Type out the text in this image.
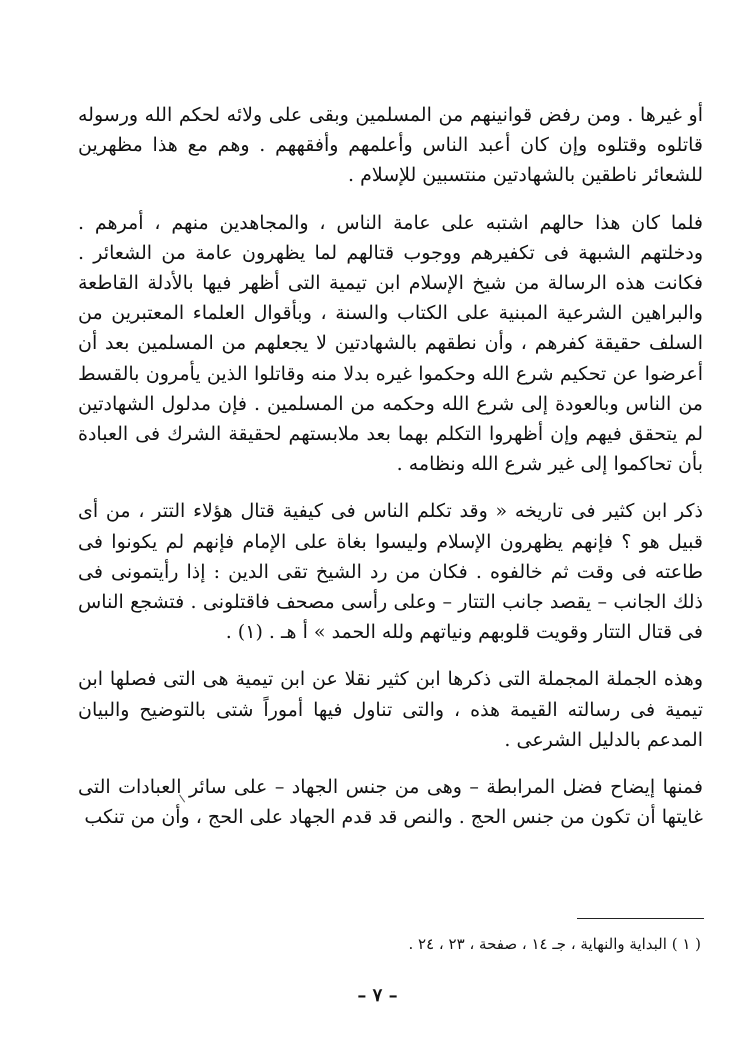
أو غيرها . ومن رفض قوانينهم من المسلمين وبقى على ولائه لحكم الله ورسوله قاتلوه وقتلوه وإن كان أعبد الناس وأعلمهم وأفقههم . وهم مع هذا مظهرين للشعائر ناطقين بالشهادتين منتسبين للإسلام .

فلما كان هذا حالهم اشتبه على عامة الناس ، والمجاهدين منهم ، أمرهم . ودخلتهم الشبهة فى تكفيرهم ووجوب قتالهم لما يظهرون عامة من الشعائر . فكانت هذه الرسالة من شيخ الإسلام ابن تيمية التى أظهر فيها بالأدلة القاطعة والبراهين الشرعية المبنية على الكتاب والسنة ، وبأقوال العلماء المعتبرين من السلف حقيقة كفرهم ، وأن نطقهم بالشهادتين لا يجعلهم من المسلمين بعد أن أعرضوا عن تحكيم شرع الله وحكموا غيره بدلا منه وقاتلوا الذين يأمرون بالقسط من الناس وبالعودة إلى شرع الله وحكمه من المسلمين . فإن مدلول الشهادتين لم يتحقق فيهم وإن أظهروا التكلم بهما بعد ملابستهم لحقيقة الشرك فى العبادة بأن تحاكموا إلى غير شرع الله ونظامه .

ذكر ابن كثير فى تاريخه « وقد تكلم الناس فى كيفية قتال هؤلاء التتر ، من أى قبيل هو ؟ فإنهم يظهرون الإسلام وليسوا بغاة على الإمام فإنهم لم يكونوا فى طاعته فى وقت ثم خالفوه . فكان من رد الشيخ تقى الدين : إذا رأيتمونى فى ذلك الجانب – يقصد جانب التتار – وعلى رأسى مصحف فاقتلونى . فتشجع الناس فى قتال التتار وقويت قلوبهم ونياتهم ولله الحمد » أ هـ . (١) .

وهذه الجملة المجملة التى ذكرها ابن كثير نقلا عن ابن تيمية هى التى فصلها ابن تيمية فى رسالته القيمة هذه ، والتى تناول فيها أموراً شتى بالتوضيح والبيان المدعم بالدليل الشرعى .

فمنها إيضاح فضل المرابطة – وهى من جنس الجهاد – على سائر العبادات التى غايتها أن تكون من جنس الحج . والنص قد قدم الجهاد على الحج ، وأن من تنكب

( ١ ) البداية والنهاية ، جـ ١٤ ، صفحة ، ٢٣ ، ٢٤ .
– ٧ –
